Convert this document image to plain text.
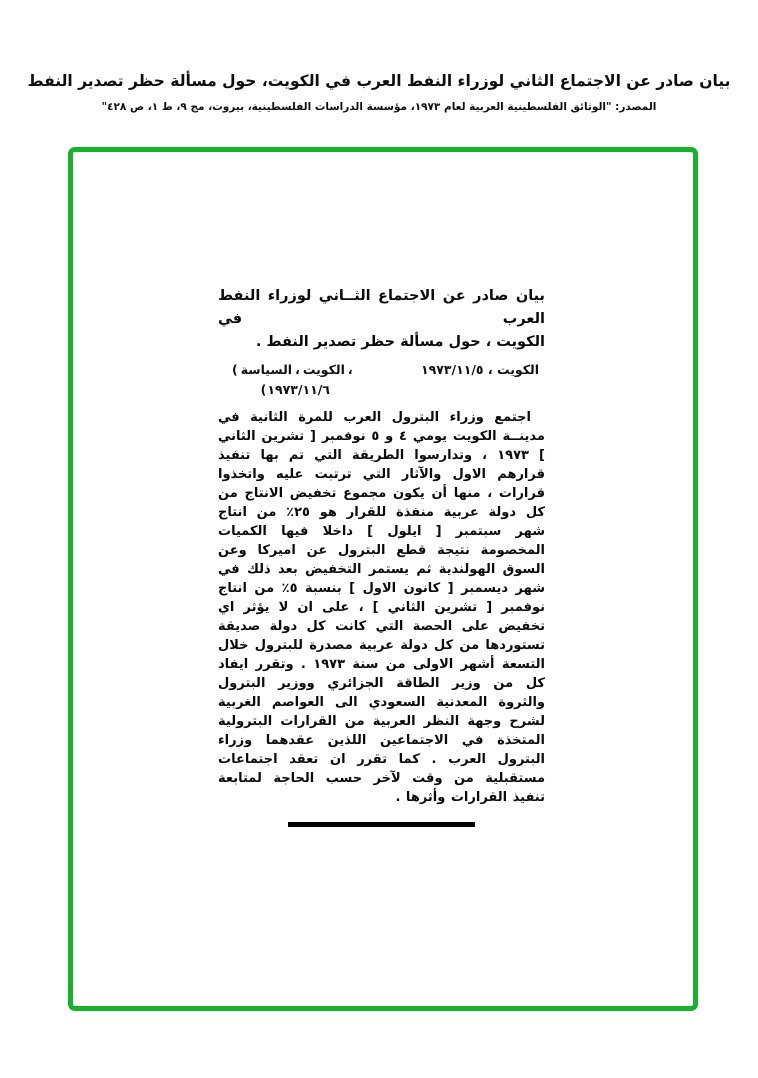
بيان صادر عن الاجتماع الثاني لوزراء النفط العرب في الكويت، حول مسألة حظر تصدير النفط
المصدر: "الوثائق الفلسطينية العربية لعام ١٩٧٣، مؤسسة الدراسات الفلسطينية، بيروت، مج ٩، ط ١، ص ٤٢٨"
بيان صادر عن الاجتماع الثــاني لوزراء النفط العرب في
الكويت ، حول مسألة حظر تصدير النفط .
( السياسة ، الكويت ،
( ١٩٧٣/١١/٦
الكويت ، ١٩٧٣/١١/٥
اجتمع وزراء البترول العرب للمرة الثانية في مدينــة الكويت يومي ٤ و ٥ نوفمبر [ تشرين الثاني ] ١٩٧٣ ، وتدارسوا الطريقة التي تم بها تنفيذ قرارهم الاول والآثار التي ترتبت عليه واتخذوا قرارات ، منها أن يكون مجموع تخفيض الانتاج من كل دولة عربية منفذة للقرار هو ٢٥٪ من انتاج شهر سبتمبر [ ايلول ] داخلا فيها الكميات المخصومة نتيجة قطع البترول عن اميركا وعن السوق الهولندية ثم يستمر التخفيض بعد ذلك في شهر ديسمبر [ كانون الاول ] بنسبة ٥٪ من انتاج نوفمبر [ تشرين الثاني ] ، على ان لا يؤثر اي تخفيض على الحصة التي كانت كل دولة صديقة تستوردها من كل دولة عربية مصدرة للبترول خلال التسعة أشهر الاولى من سنة ١٩٧٣ . وتقرر ايفاد كل من وزير الطاقة الجزائري ووزير البترول والثروة المعدنية السعودي الى العواصم الغربية لشرح وجهة النظر العربية من القرارات البترولية المتخذة في الاجتماعين اللذين عقدهما وزراء البترول العرب . كما تقرر ان تعقد اجتماعات مستقبلية من وقت لآخر حسب الحاجة لمتابعة تنفيذ القرارات وأثرها .
